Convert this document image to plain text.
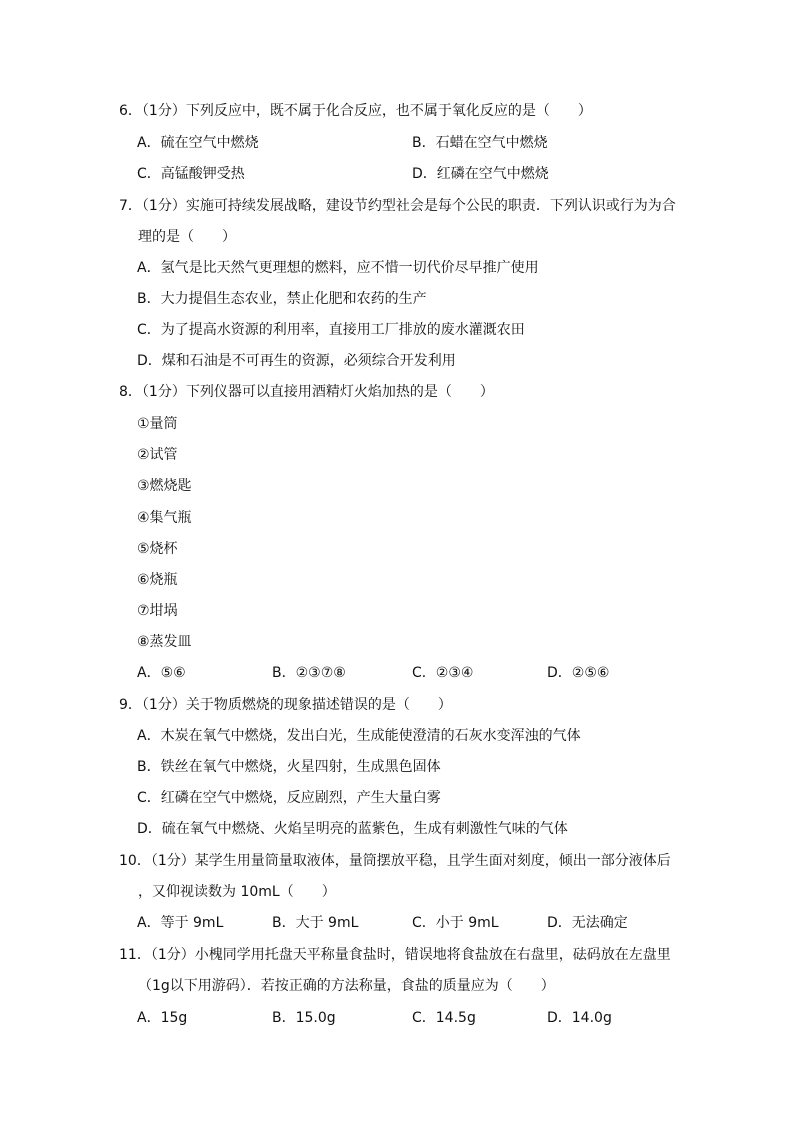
6．（1分）下列反应中，既不属于化合反应，也不属于氧化反应的是（　　）
A．硫在空气中燃烧	B．石蜡在空气中燃烧
C．高锰酸钾受热	D．红磷在空气中燃烧
7．（1分）实施可持续发展战略，建设节约型社会是每个公民的职责．下列认识或行为为合
理的是（　　）
A．氢气是比天然气更理想的燃料，应不惜一切代价尽早推广使用
B．大力提倡生态农业，禁止化肥和农药的生产
C．为了提高水资源的利用率，直接用工厂排放的废水灌溉农田
D．煤和石油是不可再生的资源，必须综合开发利用
8．（1分）下列仪器可以直接用酒精灯火焰加热的是（　　）
①量筒
②试管
③燃烧匙
④集气瓶
⑤烧杯
⑥烧瓶
⑦坩埚
⑧蒸发皿
A．⑤⑥	B．②③⑦⑧	C．②③④	D．②⑤⑥
9．（1分）关于物质燃烧的现象描述错误的是（　　）
A．木炭在氧气中燃烧，发出白光，生成能使澄清的石灰水变浑浊的气体
B．铁丝在氧气中燃烧，火星四射，生成黑色固体
C．红磷在空气中燃烧，反应剧烈，产生大量白雾
D．硫在氧气中燃烧、火焰呈明亮的蓝紫色，生成有刺激性气味的气体
10．（1分）某学生用量筒量取液体，量筒摆放平稳，且学生面对刻度，倾出一部分液体后
，又仰视读数为 10mL（　　）
A．等于 9mL	B．大于 9mL	C．小于 9mL	D．无法确定
11．（1分）小槐同学用托盘天平称量食盐时，错误地将食盐放在右盘里，砝码放在左盘里
（1g以下用游码）．若按正确的方法称量，食盐的质量应为（　　）
A．15g	B．15.0g	C．14.5g	D．14.0g
